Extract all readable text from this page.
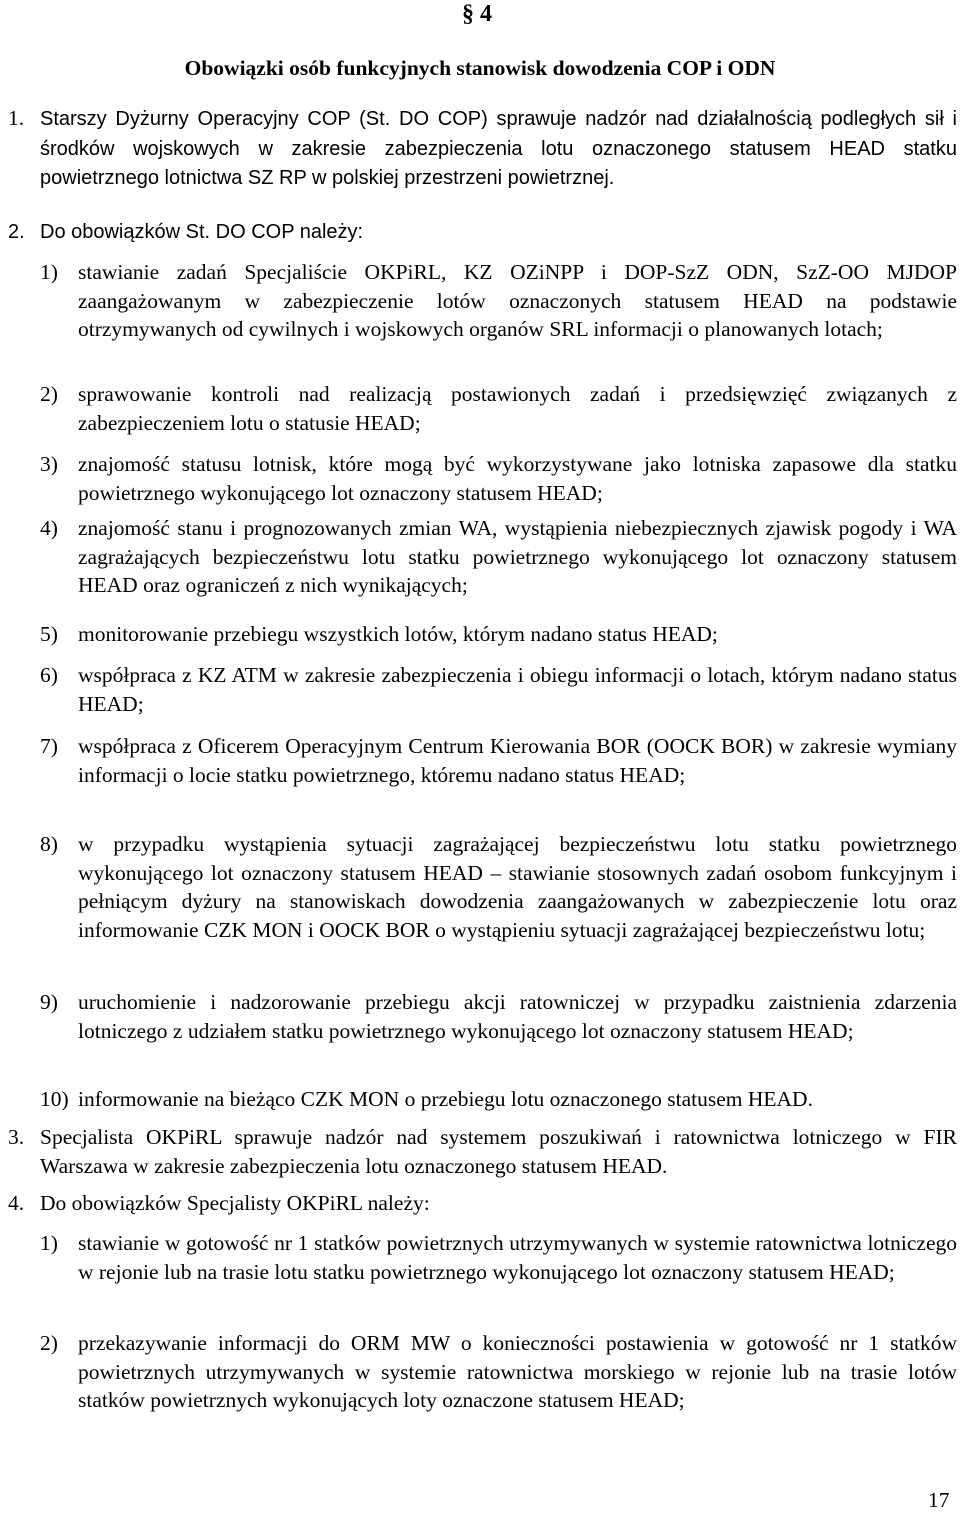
§ 4
Obowiązki osób funkcyjnych stanowisk dowodzenia COP i ODN
1. Starszy Dyżurny Operacyjny COP (St. DO COP) sprawuje nadzór nad działalnością podległych sił i środków wojskowych w zakresie zabezpieczenia lotu oznaczonego statusem HEAD statku powietrznego lotnictwa SZ RP w polskiej przestrzeni powietrznej.
2. Do obowiązków St. DO COP należy:
1) stawianie zadań Specjaliście OKPiRL, KZ OZiNPP i DOP-SzZ ODN, SzZ-OO MJDOP zaangażowanym w zabezpieczenie lotów oznaczonych statusem HEAD na podstawie otrzymywanych od cywilnych i wojskowych organów SRL informacji o planowanych lotach;
2) sprawowanie kontroli nad realizacją postawionych zadań i przedsięwzięć związanych z zabezpieczeniem lotu o statusie HEAD;
3) znajomość statusu lotnisk, które mogą być wykorzystywane jako lotniska zapasowe dla statku powietrznego wykonującego lot oznaczony statusem HEAD;
4) znajomość stanu i prognozowanych zmian WA, wystąpienia niebezpiecznych zjawisk pogody i WA zagrażających bezpieczeństwu lotu statku powietrznego wykonującego lot oznaczony statusem HEAD oraz ograniczeń z nich wynikających;
5) monitorowanie przebiegu wszystkich lotów, którym nadano status HEAD;
6) współpraca z KZ ATM w zakresie zabezpieczenia i obiegu informacji o lotach, którym nadano status HEAD;
7) współpraca z Oficerem Operacyjnym Centrum Kierowania BOR (OOCK BOR) w zakresie wymiany informacji o locie statku powietrznego, któremu nadano status HEAD;
8) w przypadku wystąpienia sytuacji zagrażającej bezpieczeństwu lotu statku powietrznego wykonującego lot oznaczony statusem HEAD – stawianie stosownych zadań osobom funkcyjnym i pełniącym dyżury na stanowiskach dowodzenia zaangażowanych w zabezpieczenie lotu oraz informowanie CZK MON i OOCK BOR o wystąpieniu sytuacji zagrażającej bezpieczeństwu lotu;
9) uruchomienie i nadzorowanie przebiegu akcji ratowniczej w przypadku zaistnienia zdarzenia lotniczego z udziałem statku powietrznego wykonującego lot oznaczony statusem HEAD;
10) informowanie na bieżąco CZK MON o przebiegu lotu oznaczonego statusem HEAD.
3. Specjalista OKPiRL sprawuje nadzór nad systemem poszukiwań i ratownictwa lotniczego w FIR Warszawa w zakresie zabezpieczenia lotu oznaczonego statusem HEAD.
4. Do obowiązków Specjalisty OKPiRL należy:
1) stawianie w gotowość nr 1 statków powietrznych utrzymywanych w systemie ratownictwa lotniczego w rejonie lub na trasie lotu statku powietrznego wykonującego lot oznaczony statusem HEAD;
2) przekazywanie informacji do ORM MW o konieczności postawienia w gotowość nr 1 statków powietrznych utrzymywanych w systemie ratownictwa morskiego w rejonie lub na trasie lotów statków powietrznych wykonujących loty oznaczone statusem HEAD;
17
